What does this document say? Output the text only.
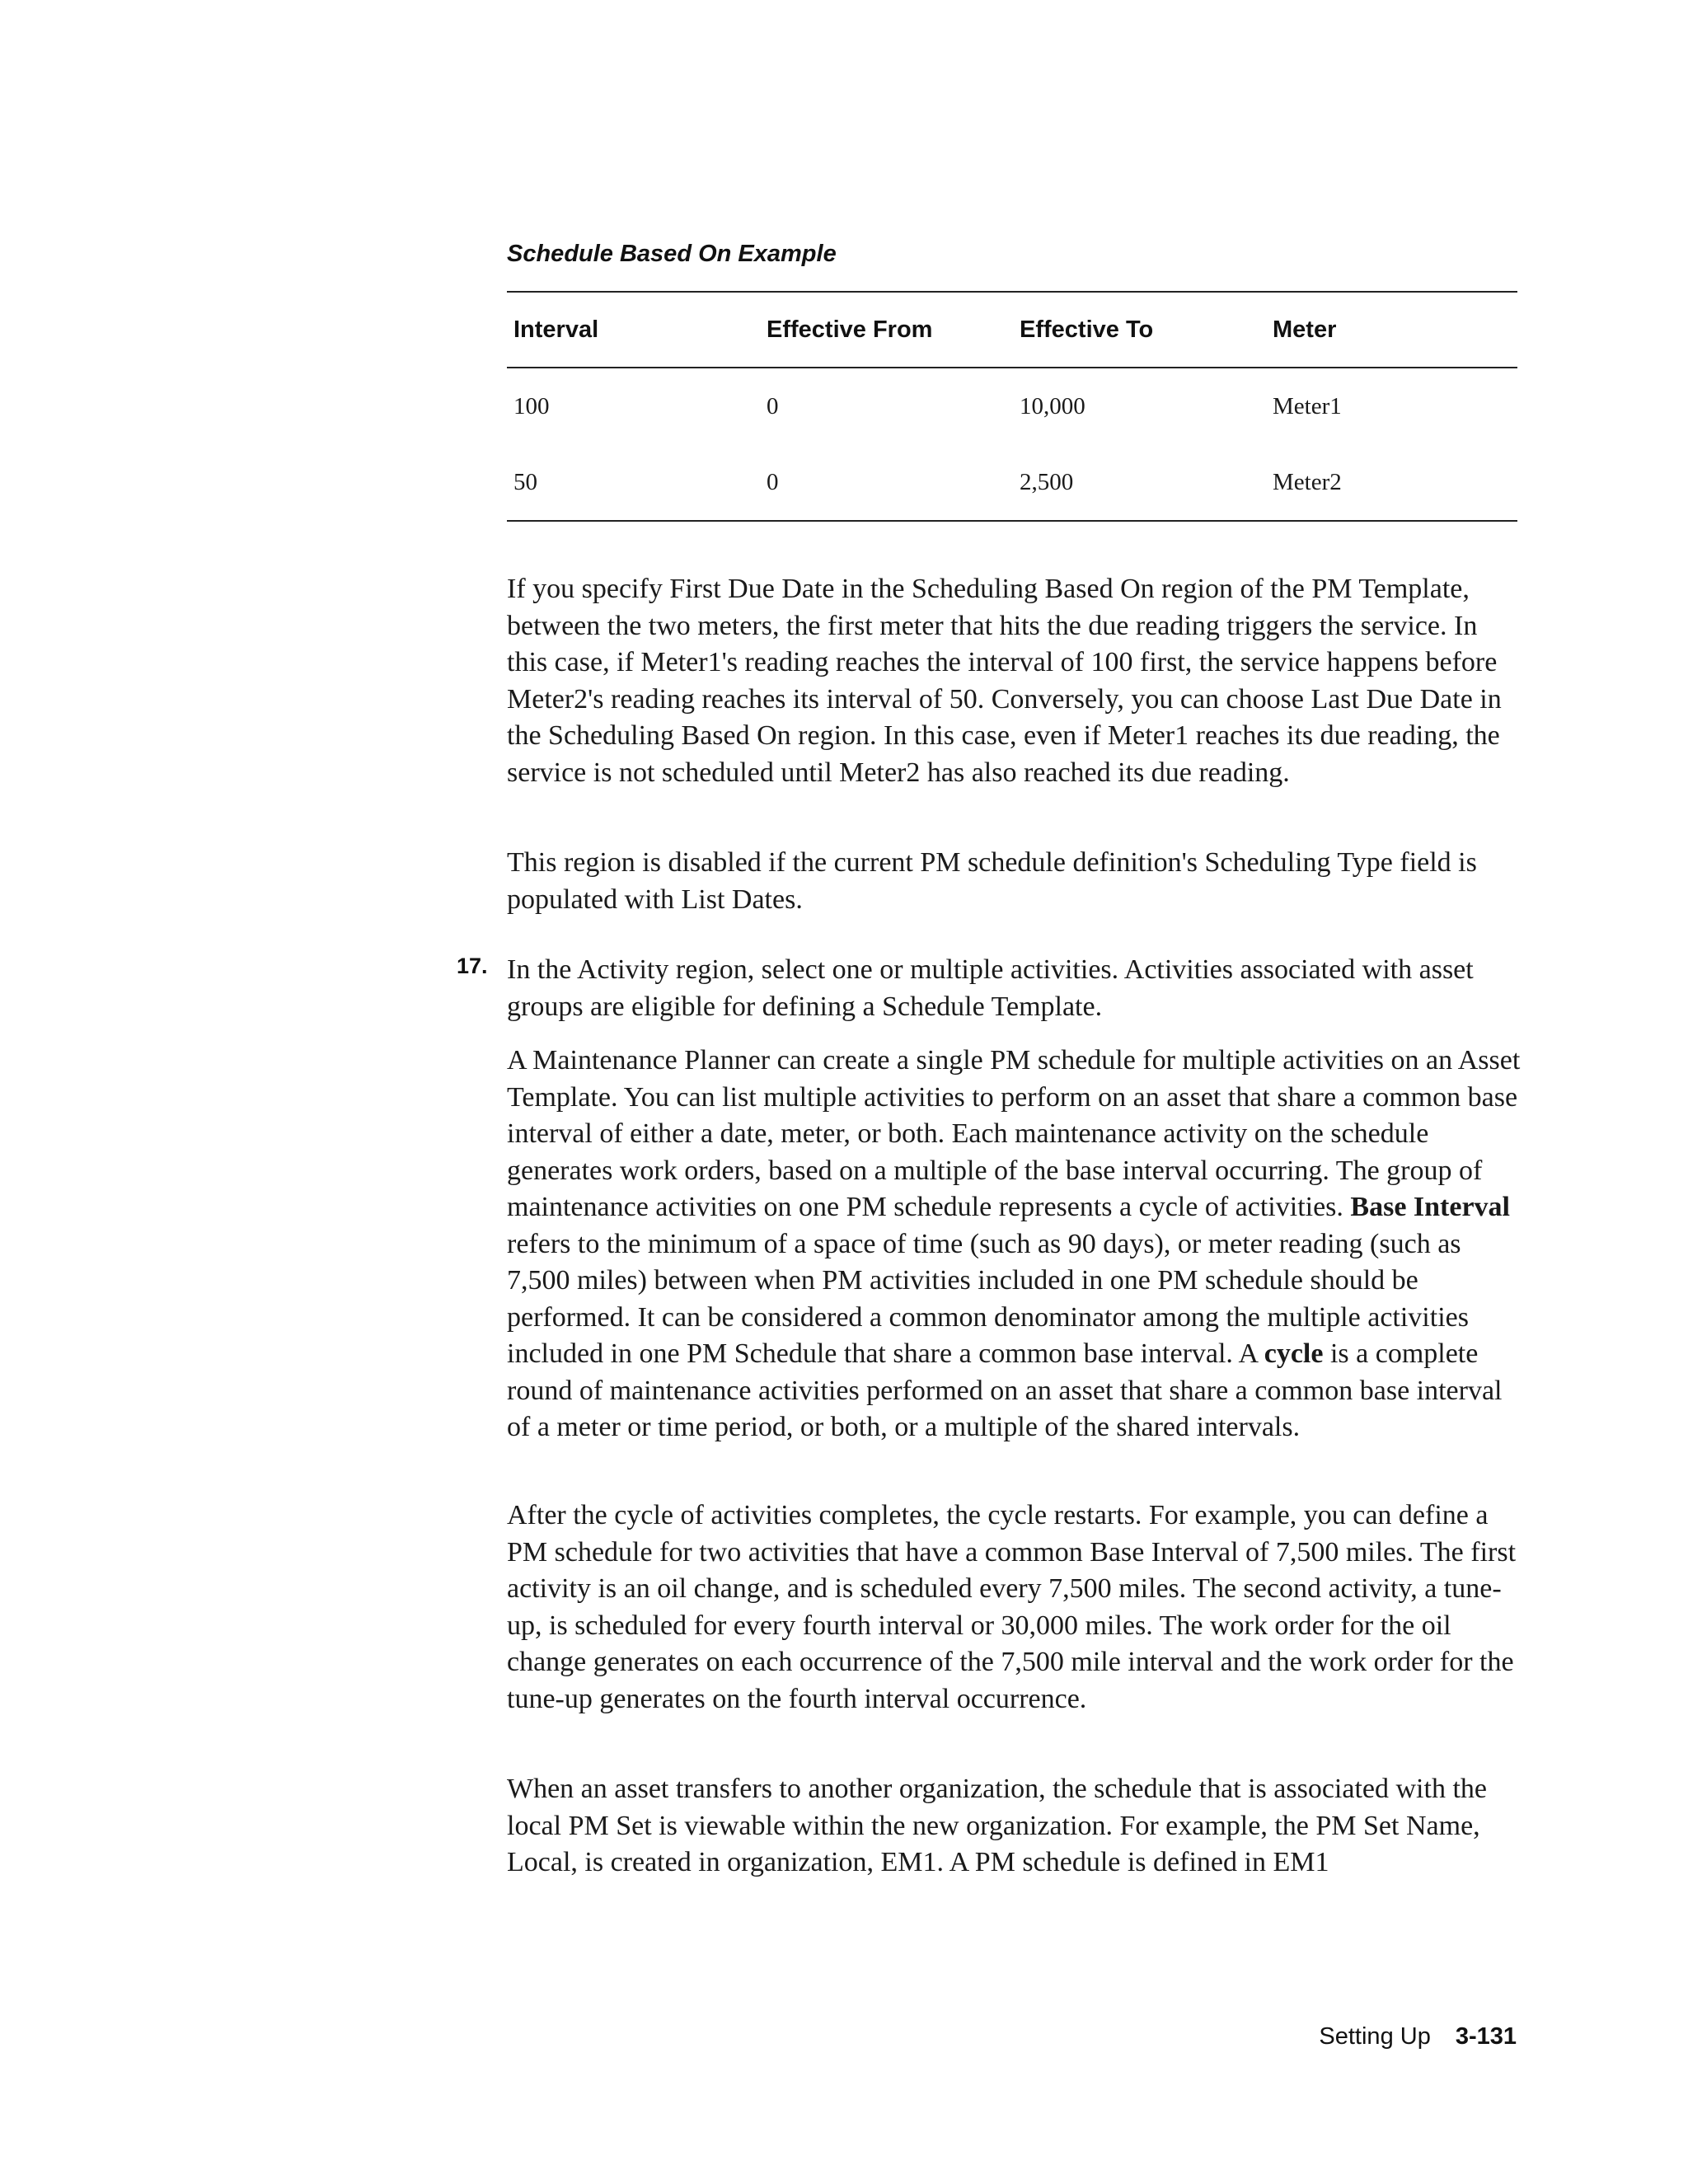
Schedule Based On Example
Interval	Effective From	Effective To	Meter
100	0	10,000	Meter1
50	0	2,500	Meter2

If you specify First Due Date in the Scheduling Based On region of the PM Template, between the two meters, the first meter that hits the due reading triggers the service. In this case, if Meter1's reading reaches the interval of 100 first, the service happens before Meter2's reading reaches its interval of 50. Conversely, you can choose Last Due Date in the Scheduling Based On region. In this case, even if Meter1 reaches its due reading, the service is not scheduled until Meter2 has also reached its due reading.

This region is disabled if the current PM schedule definition's Scheduling Type field is populated with List Dates.

17. In the Activity region, select one or multiple activities. Activities associated with asset groups are eligible for defining a Schedule Template.

A Maintenance Planner can create a single PM schedule for multiple activities on an Asset Template. You can list multiple activities to perform on an asset that share a common base interval of either a date, meter, or both. Each maintenance activity on the schedule generates work orders, based on a multiple of the base interval occurring. The group of maintenance activities on one PM schedule represents a cycle of activities. Base Interval refers to the minimum of a space of time (such as 90 days), or meter reading (such as 7,500 miles) between when PM activities included in one PM schedule should be performed. It can be considered a common denominator among the multiple activities included in one PM Schedule that share a common base interval. A cycle is a complete round of maintenance activities performed on an asset that share a common base interval of a meter or time period, or both, or a multiple of the shared intervals.

After the cycle of activities completes, the cycle restarts. For example, you can define a PM schedule for two activities that have a common Base Interval of 7,500 miles. The first activity is an oil change, and is scheduled every 7,500 miles. The second activity, a tune-up, is scheduled for every fourth interval or 30,000 miles. The work order for the oil change generates on each occurrence of the 7,500 mile interval and the work order for the tune-up generates on the fourth interval occurrence.

When an asset transfers to another organization, the schedule that is associated with the local PM Set is viewable within the new organization. For example, the PM Set Name, Local, is created in organization, EM1. A PM schedule is defined in EM1

Setting Up 3-131
